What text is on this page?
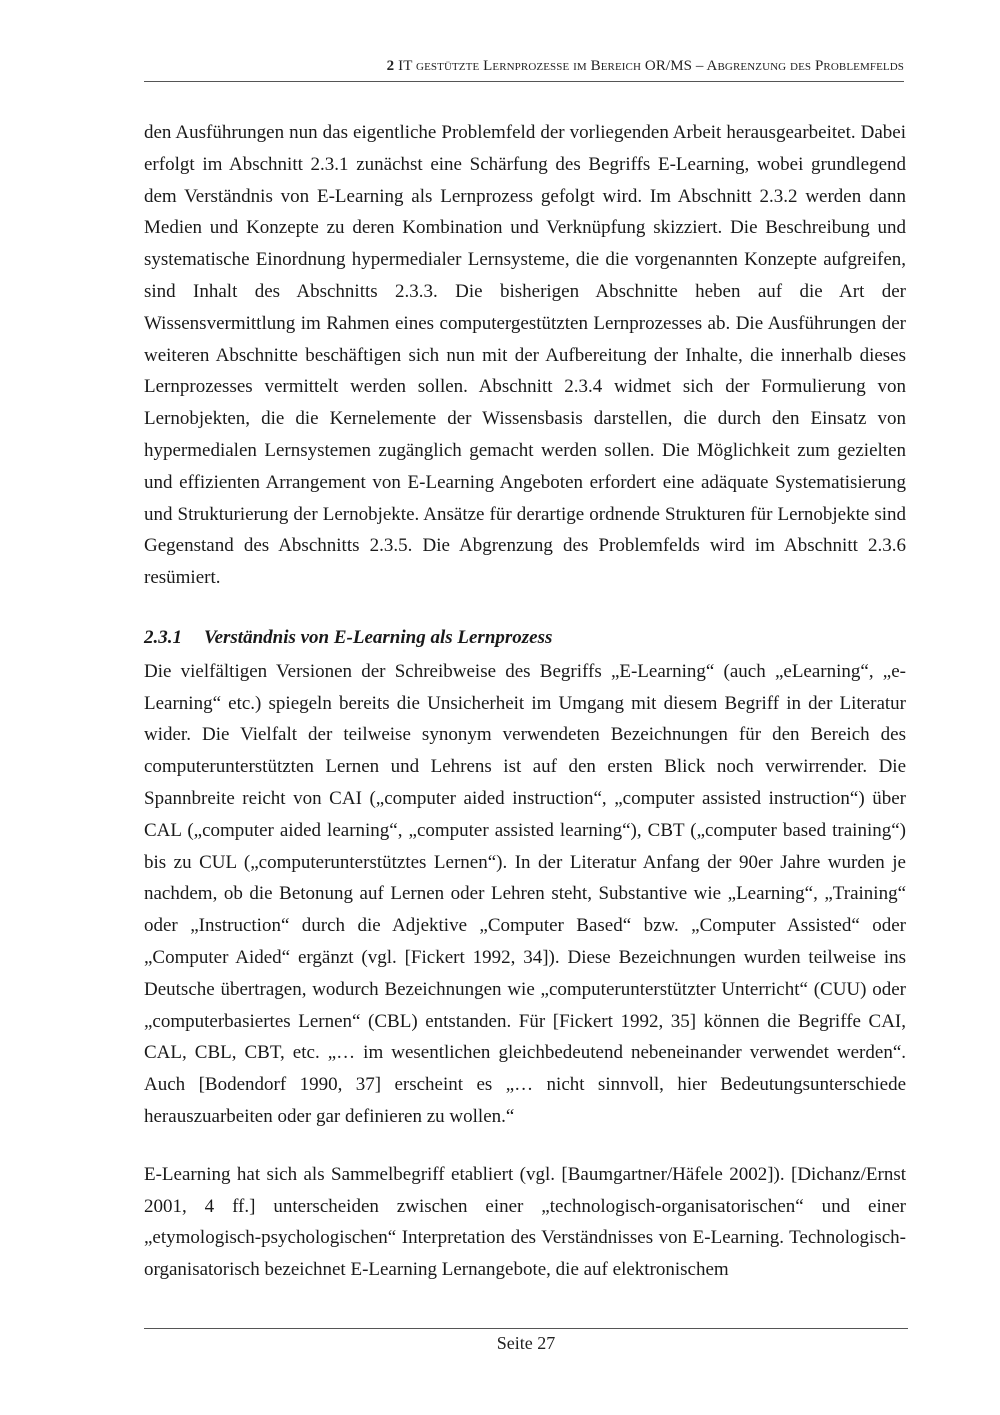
2 IT gestützte Lernprozesse im Bereich OR/MS – Abgrenzung des Problemfelds

den Ausführungen nun das eigentliche Problemfeld der vorliegenden Arbeit herausgearbeitet. Dabei erfolgt im Abschnitt 2.3.1 zunächst eine Schärfung des Begriffs E-Learning, wobei grundlegend dem Verständnis von E-Learning als Lernprozess gefolgt wird. Im Abschnitt 2.3.2 werden dann Medien und Konzepte zu deren Kombination und Verknüpfung skizziert. Die Beschreibung und systematische Einordnung hypermedialer Lernsysteme, die die vorgenannten Konzepte aufgreifen, sind Inhalt des Abschnitts 2.3.3. Die bisherigen Abschnitte heben auf die Art der Wissensvermittlung im Rahmen eines computergestützten Lernprozesses ab. Die Ausführungen der weiteren Abschnitte beschäftigen sich nun mit der Aufbereitung der Inhalte, die innerhalb dieses Lernprozesses vermittelt werden sollen. Abschnitt 2.3.4 widmet sich der Formulierung von Lernobjekten, die die Kernelemente der Wissensbasis darstellen, die durch den Einsatz von hypermedialen Lernsystemen zugänglich gemacht werden sollen. Die Möglichkeit zum gezielten und effizienten Arrangement von E-Learning Angeboten erfordert eine adäquate Systematisierung und Strukturierung der Lernobjekte. Ansätze für derartige ordnende Strukturen für Lernobjekte sind Gegenstand des Abschnitts 2.3.5. Die Abgrenzung des Problemfelds wird im Abschnitt 2.3.6 resümiert.

2.3.1 Verständnis von E-Learning als Lernprozess

Die vielfältigen Versionen der Schreibweise des Begriffs „E-Learning“ (auch „eLearning“, „e-Learning“ etc.) spiegeln bereits die Unsicherheit im Umgang mit diesem Begriff in der Literatur wider. Die Vielfalt der teilweise synonym verwendeten Bezeichnungen für den Bereich des computerunterstützten Lernen und Lehrens ist auf den ersten Blick noch verwirrender. Die Spannbreite reicht von CAI („computer aided instruction“, „computer assisted instruction“) über CAL („computer aided learning“, „computer assisted learning“), CBT („computer based training“) bis zu CUL („computerunterstütztes Lernen“). In der Literatur Anfang der 90er Jahre wurden je nachdem, ob die Betonung auf Lernen oder Lehren steht, Substantive wie „Learning“, „Training“ oder „Instruction“ durch die Adjektive „Computer Based“ bzw. „Computer Assisted“ oder „Computer Aided“ ergänzt (vgl. [Fickert 1992, 34]). Diese Bezeichnungen wurden teilweise ins Deutsche übertragen, wodurch Bezeichnungen wie „computerunterstützter Unterricht“ (CUU) oder „computerbasiertes Lernen“ (CBL) entstanden. Für [Fickert 1992, 35] können die Begriffe CAI, CAL, CBL, CBT, etc. „… im wesentlichen gleichbedeutend nebeneinander verwendet werden“. Auch [Bodendorf 1990, 37] erscheint es „… nicht sinnvoll, hier Bedeutungsunterschiede herauszuarbeiten oder gar definieren zu wollen.“

E-Learning hat sich als Sammelbegriff etabliert (vgl. [Baumgartner/Häfele 2002]). [Dichanz/Ernst 2001, 4 ff.] unterscheiden zwischen einer „technologisch-organisatorischen“ und einer „etymologisch-psychologischen“ Interpretation des Verständnisses von E-Learning. Technologisch-organisatorisch bezeichnet E-Learning Lernangebote, die auf elektronischem

Seite 27
